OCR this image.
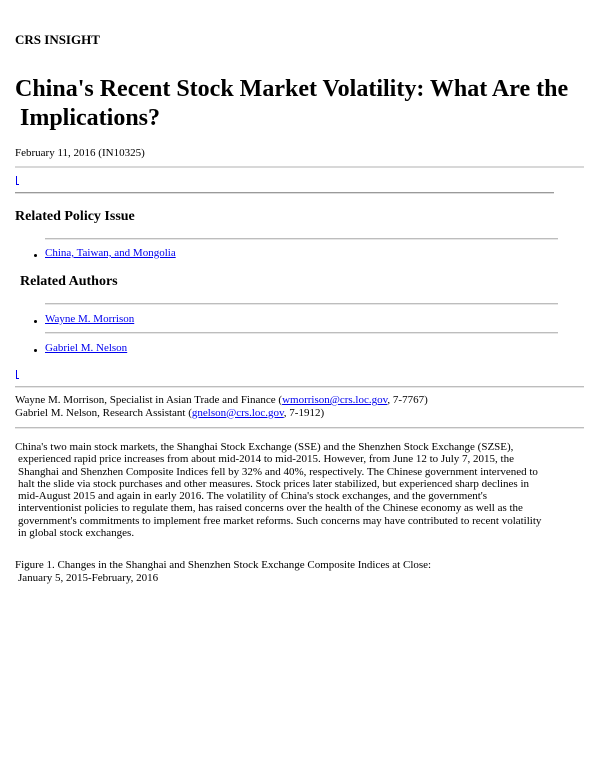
CRS INSIGHT
China's Recent Stock Market Volatility: What Are the
Implications?
February 11, 2016 (IN10325)
Related Policy Issue
China, Taiwan, and Mongolia
Related Authors
Wayne M. Morrison
Gabriel M. Nelson
Wayne M. Morrison, Specialist in Asian Trade and Finance (wmorrison@crs.loc.gov, 7-7767)
Gabriel M. Nelson, Research Assistant (gnelson@crs.loc.gov, 7-1912)
China's two main stock markets, the Shanghai Stock Exchange (SSE) and the Shenzhen Stock Exchange (SZSE),
experienced rapid price increases from about mid-2014 to mid-2015. However, from June 12 to July 7, 2015, the
Shanghai and Shenzhen Composite Indices fell by 32% and 40%, respectively. The Chinese government intervened to
halt the slide via stock purchases and other measures. Stock prices later stabilized, but experienced sharp declines in
mid-August 2015 and again in early 2016. The volatility of China's stock exchanges, and the government's
interventionist policies to regulate them, has raised concerns over the health of the Chinese economy as well as the
government's commitments to implement free market reforms. Such concerns may have contributed to recent volatility
in global stock exchanges.
Figure 1. Changes in the Shanghai and Shenzhen Stock Exchange Composite Indices at Close:
January 5, 2015-February, 2016
